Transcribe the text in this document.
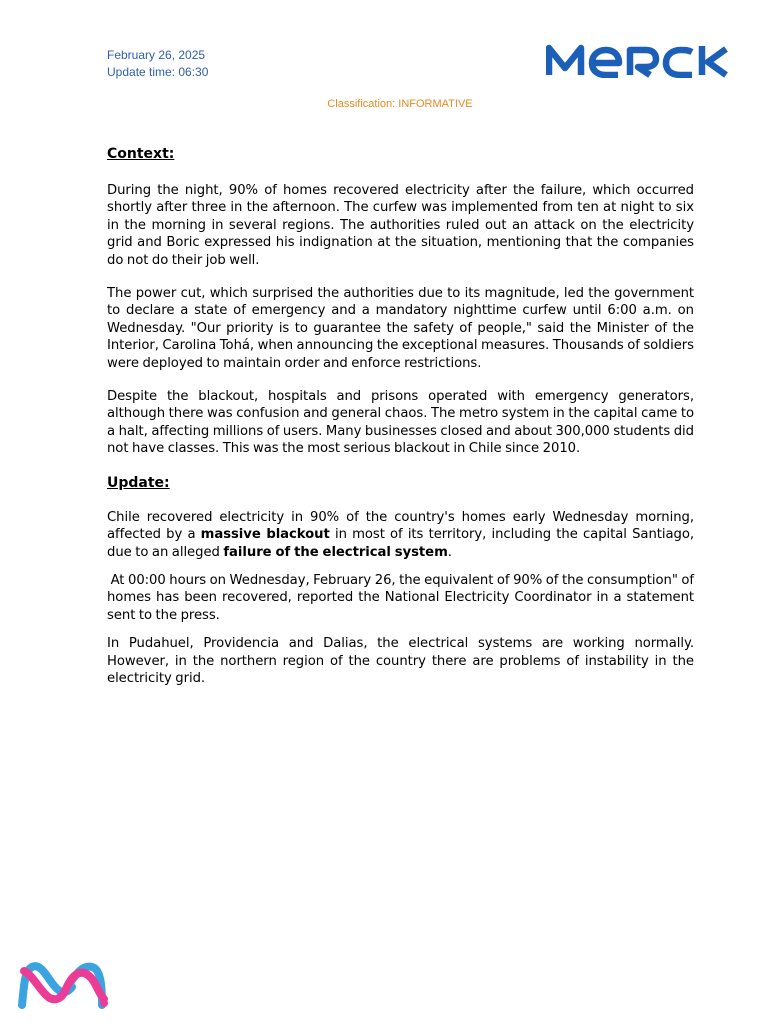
February 26, 2025
Update time: 06:30
Classification: INFORMATIVE
Context:

During the night, 90% of homes recovered electricity after the failure, which occurred shortly after three in the afternoon. The curfew was implemented from ten at night to six in the morning in several regions. The authorities ruled out an attack on the electricity grid and Boric expressed his indignation at the situation, mentioning that the companies do not do their job well.

The power cut, which surprised the authorities due to its magnitude, led the government to declare a state of emergency and a mandatory nighttime curfew until 6:00 a.m. on Wednesday. "Our priority is to guarantee the safety of people," said the Minister of the Interior, Carolina Tohá, when announcing the exceptional measures. Thousands of soldiers were deployed to maintain order and enforce restrictions.

Despite the blackout, hospitals and prisons operated with emergency generators, although there was confusion and general chaos. The metro system in the capital came to a halt, affecting millions of users. Many businesses closed and about 300,000 students did not have classes. This was the most serious blackout in Chile since 2010.

Update:

Chile recovered electricity in 90% of the country's homes early Wednesday morning, affected by a massive blackout in most of its territory, including the capital Santiago, due to an alleged failure of the electrical system.

At 00:00 hours on Wednesday, February 26, the equivalent of 90% of the consumption" of homes has been recovered, reported the National Electricity Coordinator in a statement sent to the press.

In Pudahuel, Providencia and Dalias, the electrical systems are working normally. However, in the northern region of the country there are problems of instability in the electricity grid.
